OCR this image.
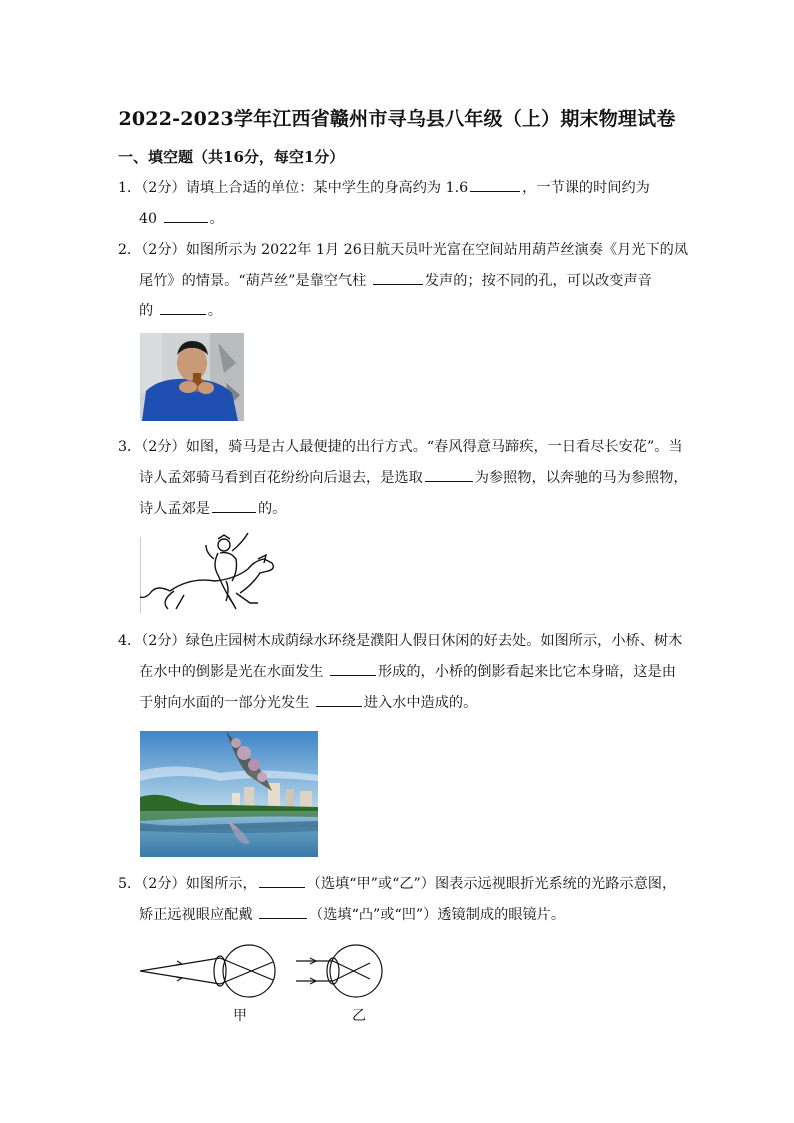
2022-2023学年江西省赣州市寻乌县八年级（上）期末物理试卷
一、填空题（共16分，每空1分）
1．（2分）请填上合适的单位：某中学生的身高约为 1.6	，一节课的时间约为
40	。
2．（2分）如图所示为 2022年 1月 26日航天员叶光富在空间站用葫芦丝演奏《月光下的凤
尾竹》的情景。“葫芦丝”是靠空气柱	发声的；按不同的孔，可以改变声音
的	。
3．（2分）如图，骑马是古人最便捷的出行方式。“春风得意马蹄疾，一日看尽长安花”。当
诗人孟郊骑马看到百花纷纷向后退去，是选取	为参照物，以奔驰的马为参照物，
诗人孟郊是	的。
4．（2分）绿色庄园树木成荫绿水环绕是濮阳人假日休闲的好去处。如图所示，小桥、树木
在水中的倒影是光在水面发生	形成的，小桥的倒影看起来比它本身暗，这是由
于射向水面的一部分光发生	进入水中造成的。
5．（2分）如图所示，	（选填“甲”或“乙”）图表示远视眼折光系统的光路示意图，
矫正远视眼应配戴	（选填“凸”或“凹”）透镜制成的眼镜片。
甲	乙
